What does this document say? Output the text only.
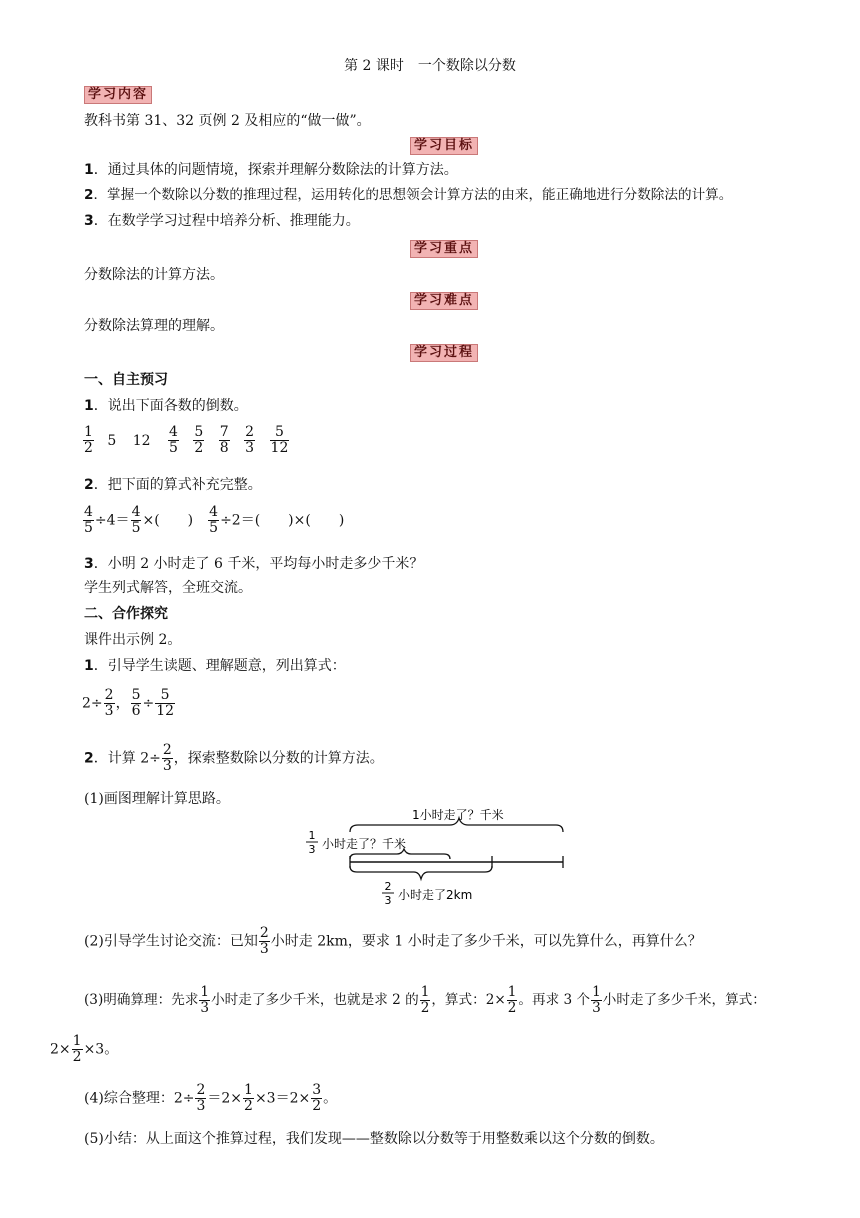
第 2 课时　一个数除以分数
学习内容
教科书第 31、32 页例 2 及相应的“做一做”。
学习目标
1．通过具体的问题情境，探索并理解分数除法的计算方法。
2．掌握一个数除以分数的推理过程，运用转化的思想领会计算方法的由来，能正确地进行分数除法的计算。
3．在数学学习过程中培养分析、推理能力。
学习重点
分数除法的计算方法。
学习难点
分数除法算理的理解。
学习过程
一、自主预习
1．说出下面各数的倒数。
$\frac{1}{2} 5$ $12 \frac{4}{5}$
$\frac{5}{2}$
$\frac{7}{8}$
$\frac{2}{3}$
$\frac{5}{12}$
2．把下面的算式补充完整。
$\frac{4}{5} \div 4= \frac{4}{5}$ ×(　　)　 $\frac{4}{5} \div 2=$(　　)×(　　)
3．小明 2 小时走了 6 千米，平均每小时走多少千米？
学生列式解答，全班交流。
二、合作探究
课件出示例 2。
1．引导学生读题、理解题意，列出算式：
$2\div \frac{2}{3}$ ， $\frac{5}{6} \div \frac{5}{12}$
2．计算 $2\div \frac{2}{3}$ ，探索整数除以分数的计算方法。
(1)画图理解计算思路。
1小时走了？千米
1
3 小时走了？千米
2
3 小时走了2km
(2)引导学生讨论交流：已知 $\frac{2}{3}$ 小时走 2km，要求 1 小时走了多少千米，可以先算什么，再算什么？
(3)明确算理：先求 $\frac{1}{3}$ 小时走了多少千米，也就是求 2 的 $\frac{1}{2}$ ，算式：$2\times \frac{1}{2}$ 。再求 3 个 $\frac{1}{3}$ 小时走了多少千米，算式：
$2\times \frac{1}{2} \times 3$。
(4)综合整理：$2\div \frac{2}{3} =2\times \frac{1}{2} \times 3=2\times \frac{3}{2}$ 。
(5)小结：从上面这个推算过程，我们发现——整数除以分数等于用整数乘以这个分数的倒数。
